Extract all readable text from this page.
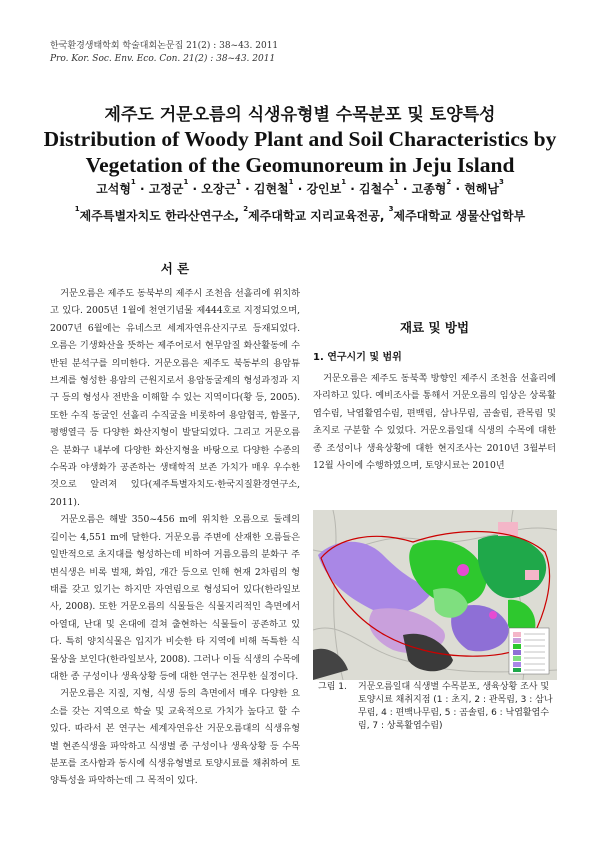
한국환경생태학회 학술대회논문집 21(2) : 38~43. 2011
Pro. Kor. Soc. Env. Eco. Con. 21(2) : 38~43. 2011
제주도 거문오름의 식생유형별 수목분포 및 토양특성
Distribution of Woody Plant and Soil Characteristics by
Vegetation of the Geomunoreum in Jeju Island
고석형$^1$ · 고정군$^1$ · 오장근$^1$ · 김현철$^1$ · 강인보$^1$ · 김철수$^1$ · 고종형$^2$ · 현해남$^3$
$^1$제주특별자치도 한라산연구소, $^2$제주대학교 지리교육전공, $^3$제주대학교 생물산업학부
서 론

거문오름은 제주도 동북부의 제주시 조천읍 선흘리에 위치하고 있다. 2005년 1월에 천연기념물 제444호로 지정되었으며, 2007년 6월에는 유네스코 세계자연유산지구로 등재되었다. 오름은 기생화산을 뜻하는 제주어로서 현무암질 화산활동에 수반된 분석구를 의미한다. 거문오름은 제주도 북동부의 용암튜브계를 형성한 용암의 근원지로서 용암동굴계의 형성과정과 지구 등의 형성사 전반을 이해할 수 있는 지역이다(황 등, 2005). 또한 수직 동굴인 선흘리 수직굴을 비롯하여 용암협곡, 함몰구, 평행열극 등 다양한 화산지형이 발달되었다. 그리고 거문오름은 분화구 내부에 다양한 화산지형을 바탕으로 다양한 수종의 수목과 야생화가 공존하는 생태학적 보존 가치가 매우 우수한 것으로 알려져 있다(제주특별자치도·한국지질환경연구소, 2011).

거문오름은 해발 350~456 m에 위치한 오름으로 둘레의 길이는 4,551 m에 달한다. 거문오름 주변에 산재한 오름들은 일반적으로 초지대를 형성하는데 비하여 거름오름의 분화구 주변식생은 비록 벌채, 화입, 개간 등으로 인해 현재 2차림의 형태를 갖고 있기는 하지만 자연림으로 형성되어 있다(한라일보사, 2008). 또한 거문오름의 식물들은 식물지리적인 측면에서 아열대, 난대 및 온대에 걸쳐 출현하는 식물들이 공존하고 있다. 특히 양치식물은 입지가 비슷한 타 지역에 비해 독특한 식물상을 보인다(한라일보사, 2008). 그러나 이들 식생의 수목에 대한 종 구성이나 생육상황 등에 대한 연구는 전무한 실정이다.

거문오름은 지질, 지형, 식생 등의 측면에서 매우 다양한 요소를 갖는 지역으로 학술 및 교육적으로 가치가 높다고 할 수 있다. 따라서 본 연구는 세계자연유산 거문오름대의 식생유형별 현존식생을 파악하고 식생별 종 구성이나 생육상황 등 수목분포를 조사함과 동시에 식생유형별로 토양시료를 채취하여 토양특성을 파악하는데 그 목적이 있다.

재료 및 방법
1. 연구시기 및 범위

거문오름은 제주도 동북쪽 방향인 제주시 조천읍 선흘리에 자리하고 있다. 예비조사를 통해서 거문오름의 임상은 상록활엽수림, 낙엽활엽수림, 편백림, 삼나무림, 곰솔림, 관목림 및 초지로 구분할 수 있었다. 거문오름일대 식생의 수목에 대한 종 조성이나 생육상황에 대한 현지조사는 2010년 3월부터 12월 사이에 수행하였으며, 토양시료는 2010년

그림 1. 거문오름일대 식생별 수목분포, 생육상황 조사 및 토양시료 채취지점 (1 : 초지, 2 : 관목림, 3 : 삼나무림, 4 : 편백나무림, 5 : 곰솔림, 6 : 낙엽활엽수림, 7 : 상록활엽수림)
